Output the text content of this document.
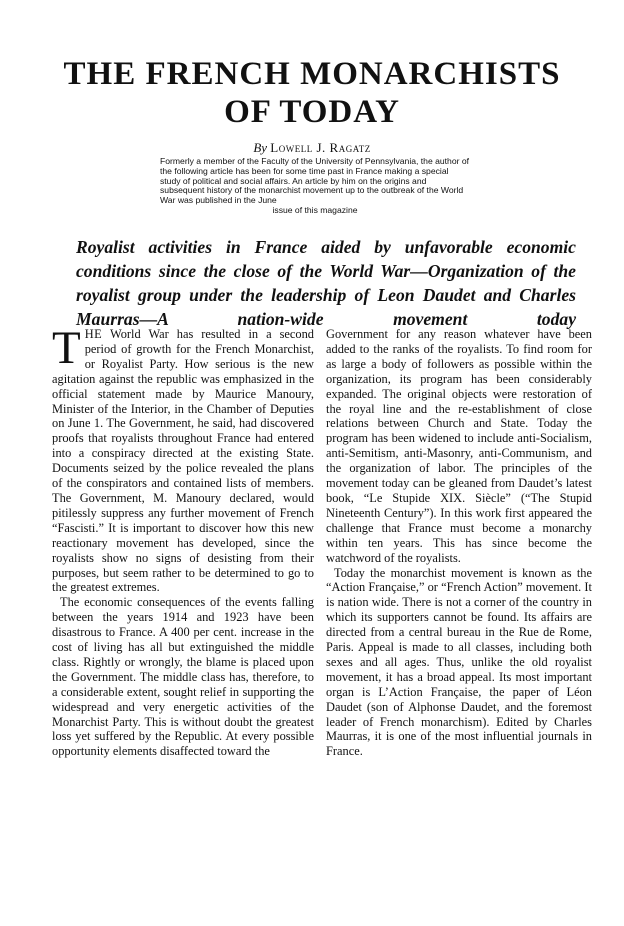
THE FRENCH MONARCHISTS
OF TODAY
By Lowell J. Ragatz
Formerly a member of the Faculty of the University of Pennsylvania, the author of the following article has been for some time past in France making a special study of political and social affairs. An article by him on the origins and subsequent history of the monarchist movement up to the outbreak of the World War was published in the June
issue of this magazine
Royalist activities in France aided by unfavorable economic conditions since the close of the World War—Organization of the royalist group under the leadership of Leon Daudet and Charles Maurras—A nation-wide movement today

THE World War has resulted in a second period of growth for the French Monarchist, or Royalist Party. How serious is the new agitation against the republic was emphasized in the official statement made by Maurice Manoury, Minister of the Interior, in the Chamber of Deputies on June 1. The Government, he said, had discovered proofs that royalists throughout France had entered into a conspiracy directed at the existing State. Documents seized by the police revealed the plans of the conspirators and contained lists of members. The Government, M. Manoury declared, would pitilessly suppress any further movement of French “Fascisti.” It is important to discover how this new reactionary movement has developed, since the royalists show no signs of desisting from their purposes, but seem rather to be determined to go to the greatest extremes.

The economic consequences of the events falling between the years 1914 and 1923 have been disastrous to France. A 400 per cent. increase in the cost of living has all but extinguished the middle class. Rightly or wrongly, the blame is placed upon the Government. The middle class has, therefore, to a considerable extent, sought relief in supporting the widespread and very energetic activities of the Monarchist Party. This is without doubt the greatest loss yet suffered by the Republic. At every possible opportunity elements disaffected toward the

Government for any reason whatever have been added to the ranks of the royalists. To find room for as large a body of followers as possible within the organization, its program has been considerably expanded. The original objects were restoration of the royal line and the re-establishment of close relations between Church and State. Today the program has been widened to include anti-Socialism, anti-Semitism, anti-Masonry, anti-Communism, and the organization of labor. The principles of the movement today can be gleaned from Daudet’s latest book, “Le Stupide XIX. Siècle” (“The Stupid Nineteenth Century”). In this work first appeared the challenge that France must become a monarchy within ten years. This has since become the watchword of the royalists.

Today the monarchist movement is known as the “Action Française,” or “French Action” movement. It is nation wide. There is not a corner of the country in which its supporters cannot be found. Its affairs are directed from a central bureau in the Rue de Rome, Paris. Appeal is made to all classes, including both sexes and all ages. Thus, unlike the old royalist movement, it has a broad appeal. Its most important organ is L’Action Française, the paper of Léon Daudet (son of Alphonse Daudet, and the foremost leader of French monarchism). Edited by Charles Maurras, it is one of the most influential journals in France.
